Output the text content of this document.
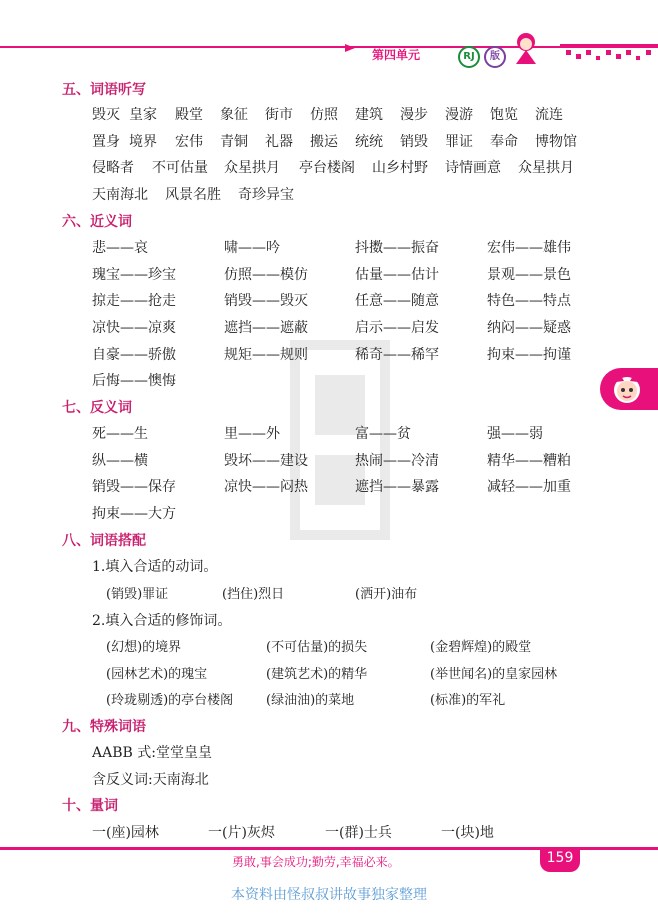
第四单元	RJ	版
五、词语听写
毁灭 皇家 殿堂 象征 街市 仿照 建筑 漫步 漫游 饱览 流连
置身 境界 宏伟 青铜 礼器 搬运 统统 销毁 罪证 奉命 博物馆
侵略者 不可估量 众星拱月 亭台楼阁 山乡村野 诗情画意 众星拱月
天南海北 风景名胜 奇珍异宝
六、近义词
悲——哀	啸——吟	抖擞——振奋	宏伟——雄伟
瑰宝——珍宝	仿照——模仿	估量——估计	景观——景色
掠走——抢走	销毁——毁灭	任意——随意	特色——特点
凉快——凉爽	遮挡——遮蔽	启示——启发	纳闷——疑惑
自豪——骄傲	规矩——规则	稀奇——稀罕	拘束——拘谨
后悔——懊悔
七、反义词
死——生	里——外	富——贫	强——弱
纵——横	毁坏——建设	热闹——冷清	精华——糟粕
销毁——保存	凉快——闷热	遮挡——暴露	减轻——加重
拘束——大方
八、词语搭配
1.填入合适的动词。
(销毁)罪证	(挡住)烈日	(洒开)油布
2.填入合适的修饰词。
(幻想)的境界	(不可估量)的损失	(金碧辉煌)的殿堂
(园林艺术)的瑰宝	(建筑艺术)的精华	(举世闻名)的皇家园林
(玲珑剔透)的亭台楼阁	(绿油油)的菜地	(标准)的军礼
九、特殊词语
AABB 式:堂堂皇皇
含反义词:天南海北
十、量词
一(座)园林	一(片)灰烬	一(群)士兵	一(块)地
勇敢,事会成功;勤劳,幸福必来。	159
本资料由怪叔叔讲故事独家整理
